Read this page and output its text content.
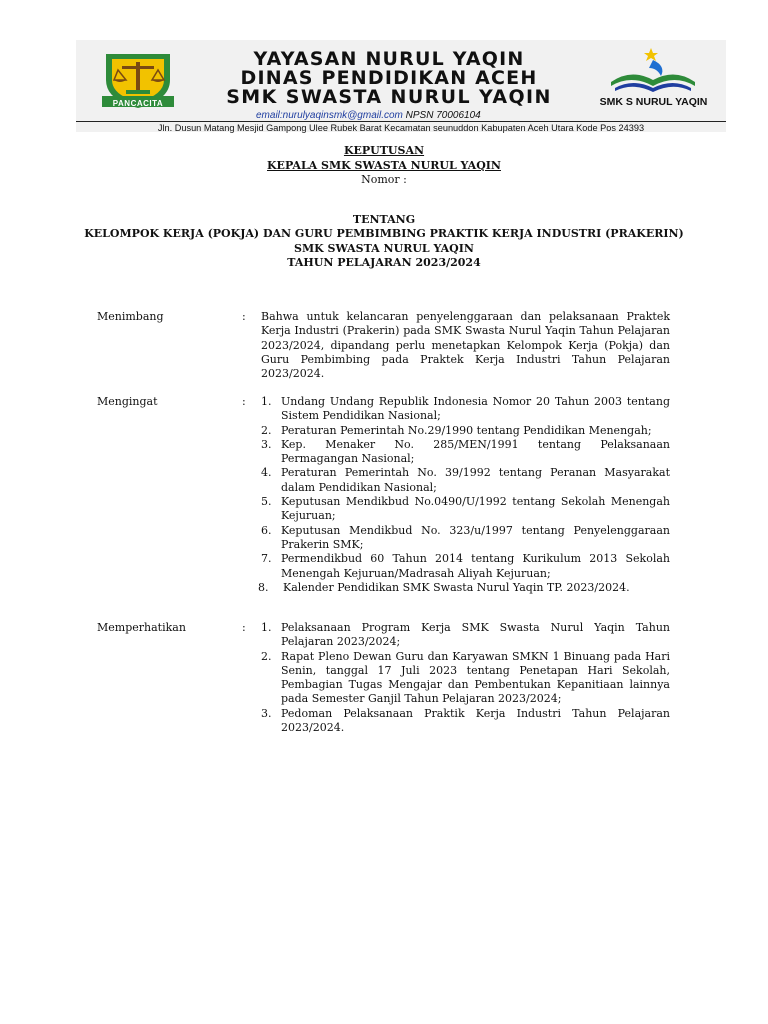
PANCACITA
YAYASAN NURUL YAQIN
DINAS PENDIDIKAN ACEH
SMK SWASTA NURUL YAQIN	SMK S NURUL YAQIN
email:nurulyaqinsmk@gmail.com NPSN 70006104
Jln. Dusun Matang Mesjid Gampong Ulee Rubek Barat Kecamatan seunuddon Kabupaten Aceh Utara Kode Pos 24393
KEPUTUSAN
KEPALA SMK SWASTA NURUL YAQIN
Nomor :
TENTANG
KELOMPOK KERJA (POKJA) DAN GURU PEMBIMBING PRAKTIK KERJA INDUSTRI (PRAKERIN)
SMK SWASTA NURUL YAQIN
TAHUN PELAJARAN 2023/2024
Menimbang	: Bahwa untuk kelancaran penyelenggaraan dan pelaksanaan Praktek Kerja Industri (Prakerin) pada SMK Swasta Nurul Yaqin Tahun Pelajaran 2023/2024, dipandang perlu menetapkan Kelompok Kerja (Pokja) dan Guru Pembimbing pada Praktek Kerja Industri Tahun Pelajaran 2023/2024.
Mengingat	: 1. Undang Undang Republik Indonesia Nomor 20 Tahun 2003 tentang Sistem Pendidikan Nasional;
2. Peraturan Pemerintah No.29/1990 tentang Pendidikan Menengah;
3. Kep. Menaker No. 285/MEN/1991 tentang Pelaksanaan Permagangan Nasional;
4. Peraturan Pemerintah No. 39/1992 tentang Peranan Masyarakat dalam Pendidikan Nasional;
5. Keputusan Mendikbud No.0490/U/1992 tentang Sekolah Menengah Kejuruan;
6. Keputusan Mendikbud No. 323/u/1997 tentang Penyelenggaraan Prakerin SMK;
7. Permendikbud 60 Tahun 2014 tentang Kurikulum 2013 Sekolah Menengah Kejuruan/Madrasah Aliyah Kejuruan;
8. Kalender Pendidikan SMK Swasta Nurul Yaqin TP. 2023/2024.
Memperhatikan	: 1. Pelaksanaan Program Kerja SMK Swasta Nurul Yaqin Tahun Pelajaran 2023/2024;
2. Rapat Pleno Dewan Guru dan Karyawan SMKN 1 Binuang pada Hari Senin, tanggal 17 Juli 2023 tentang Penetapan Hari Sekolah, Pembagian Tugas Mengajar dan Pembentukan Kepanitiaan lainnya pada Semester Ganjil Tahun Pelajaran 2023/2024;
3. Pedoman Pelaksanaan Praktik Kerja Industri Tahun Pelajaran 2023/2024.
